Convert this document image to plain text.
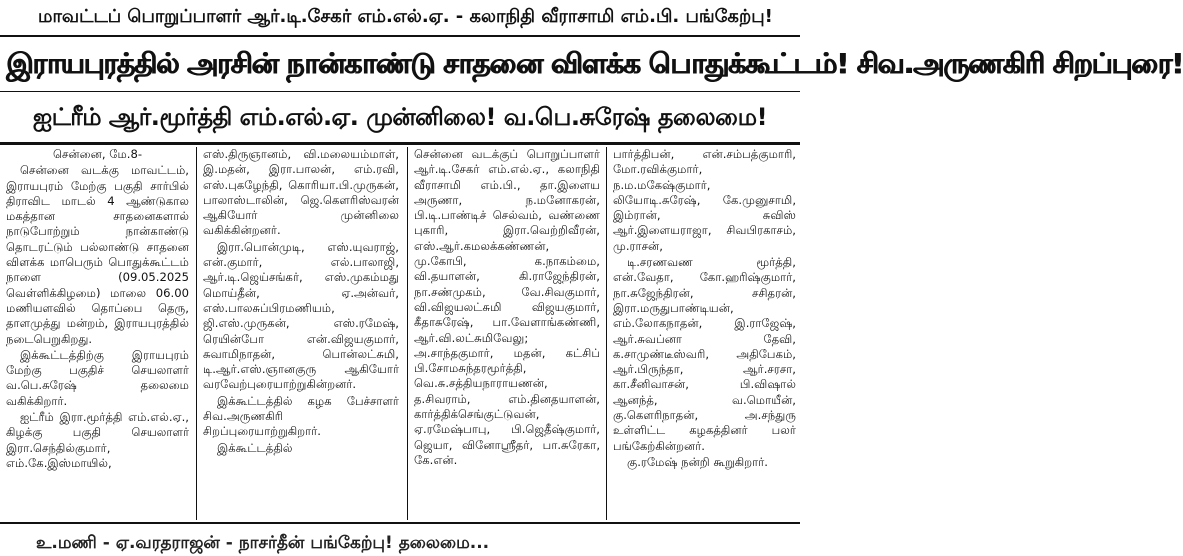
மாவட்டப் பொறுப்பாளர் ஆர்.டி.சேகர் எம்.எல்.ஏ. - கலாநிதி வீராசாமி எம்.பி. பங்கேற்பு!
இராயபுரத்தில் அரசின் நான்காண்டு சாதனை விளக்க பொதுக்கூட்டம்! சிவ.அருணகிரி சிறப்புரை!
ஐட்ரீம் ஆர்.மூர்த்தி எம்.எல்.ஏ. முன்னிலை! வ.பெ.சுரேஷ் தலைமை!

சென்னை, மே.8-

சென்னை வடக்கு மாவட்டம், இராயபுரம் மேற்கு பகுதி சார்பில் திராவிட மாடல் 4 ஆண்டுகால மகத்தான சாதனைகளால் நாடுபோற்றும் நான்காண்டு தொடரட்டும் பல்லாண்டு சாதனை விளக்க மாபெரும் பொதுக்கூட்டம் நாளை (09.05.2025 வெள்ளிக்கிழமை) மாலை 06.00 மணியளவில் தொப்பை தெரு, தாளமுத்து மன்றம், இராயபுரத்தில் நடைபெறுகிறது.

இக்கூட்டத்திற்கு இராயபுரம் மேற்கு பகுதிச் செயலாளர் வ.பெ.சுரேஷ் தலைமை வகிக்கிறார்.

ஐட்ரீம் இரா.மூர்த்தி எம்.எல்.ஏ., கிழக்கு பகுதி செயலாளர் இரா.செந்தில்குமார், எம்.கே.இஸ்மாயில்,

எஸ்.திருஞானம், வி.மலையம்மாள், இ.மதன், இரா.பாலன், எம்.ரவி, எஸ்.புகழேந்தி, கொரியா.பி.முருகன், பாலாஸ்டாலின், ஜெ.கௌரிஸ்வரன் ஆகியோர் முன்னிலை வகிக்கின்றனர்.

இரா.பொன்முடி, எஸ்.யுவராஜ், என்.குமார், எல்.பாலாஜி, ஆர்.டி.ஜெய்சங்கர், எஸ்.முகம்மது மொய்தீன், ஏ.அன்வர், எஸ்.பாலசுப்பிரமணியம், ஜி.எஸ்.முருகன், எஸ்.ரமேஷ், ரெயின்போ என்.விஜயகுமார், சுவாமிநாதன், பொன்லட்சுமி, டி.ஆர்.எஸ்.ஞானகுரு ஆகியோர் வரவேற்புரையாற்றுகின்றனர்.

இக்கூட்டத்தில் கழக பேச்சாளர் சிவ.அருணகிரி சிறப்புரையாற்றுகிறார்.

இக்கூட்டத்தில்

சென்னை வடக்குப் பொறுப்பாளர் ஆர்.டி.சேகர் எம்.எல்.ஏ., கலாநிதி வீராசாமி எம்.பி., தா.இளைய அருணா, ந.மனோகரன், பி.டி.பாண்டிச் செல்வம், வண்ணை புகாரி, இரா.வெற்றிவீரன், எஸ்.ஆர்.கமலக்கண்ணன், மு.கோபி, க.நாகம்மை, வி.தயாளன், கி.ராஜேந்திரன், நா.சண்முகம், வே.சிவகுமார், வி.விஜயலட்சுமி விஜயகுமார், கீதாசுரேஷ், பா.வேளாங்கண்ணி, ஆர்.வி.லட்சுமிவேலு; அ.சாந்தகுமார், மதன், கட்சிப் பி.சோமசுந்தரமூர்த்தி, வெ.சு.சத்தியநாராயணன், த.சிவராம், எம்.தினதயாளன், கார்த்திக்செங்குட்டுவன், ஏ.ரமேஷ்பாபு, பி.ஜெதீஷ்குமார், ஜெயா, வினோஸ்ரீதர், பா.சுரேகா, கே.என்.

பார்த்திபன், என்.சம்பத்குமாரி, மோ.ரவிக்குமார், ந.ம.மகேஷ்குமார், லியோடி.சுரேஷ், கே.முனுசாமி, இம்ரான், சுவிஸ் ஆர்.இளையராஜா, சிவபிரகாசம், மு.ராசன்,

டி.சரணவண மூர்த்தி, என்.வேதா, கோ.ஹரிஷ்குமார், நா.சுஜேந்திரன், சசிதரன், இரா.மருதுபாண்டியன், எம்.லோகநாதன், இ.ராஜேஷ், ஆர்.சுவப்னா தேவி, க.சாமுண்டீஸ்வரி, அதிபேகம், ஆர்.பிருந்தா, ஆர்.சரசா, கா.சீனிவாசன், பி.விஷால் ஆனந்த், வ.மொயீன், கு.கௌரிநாதன், அ.சந்துரு உள்ளிட்ட கழகத்தினர் பலர் பங்கேற்கின்றனர்.

கு.ரமேஷ் நன்றி கூறுகிறார்.

உ.மணி - ஏ.வரதராஜன் - நாசர்தீன் பங்கேற்பு! தலைமை...
